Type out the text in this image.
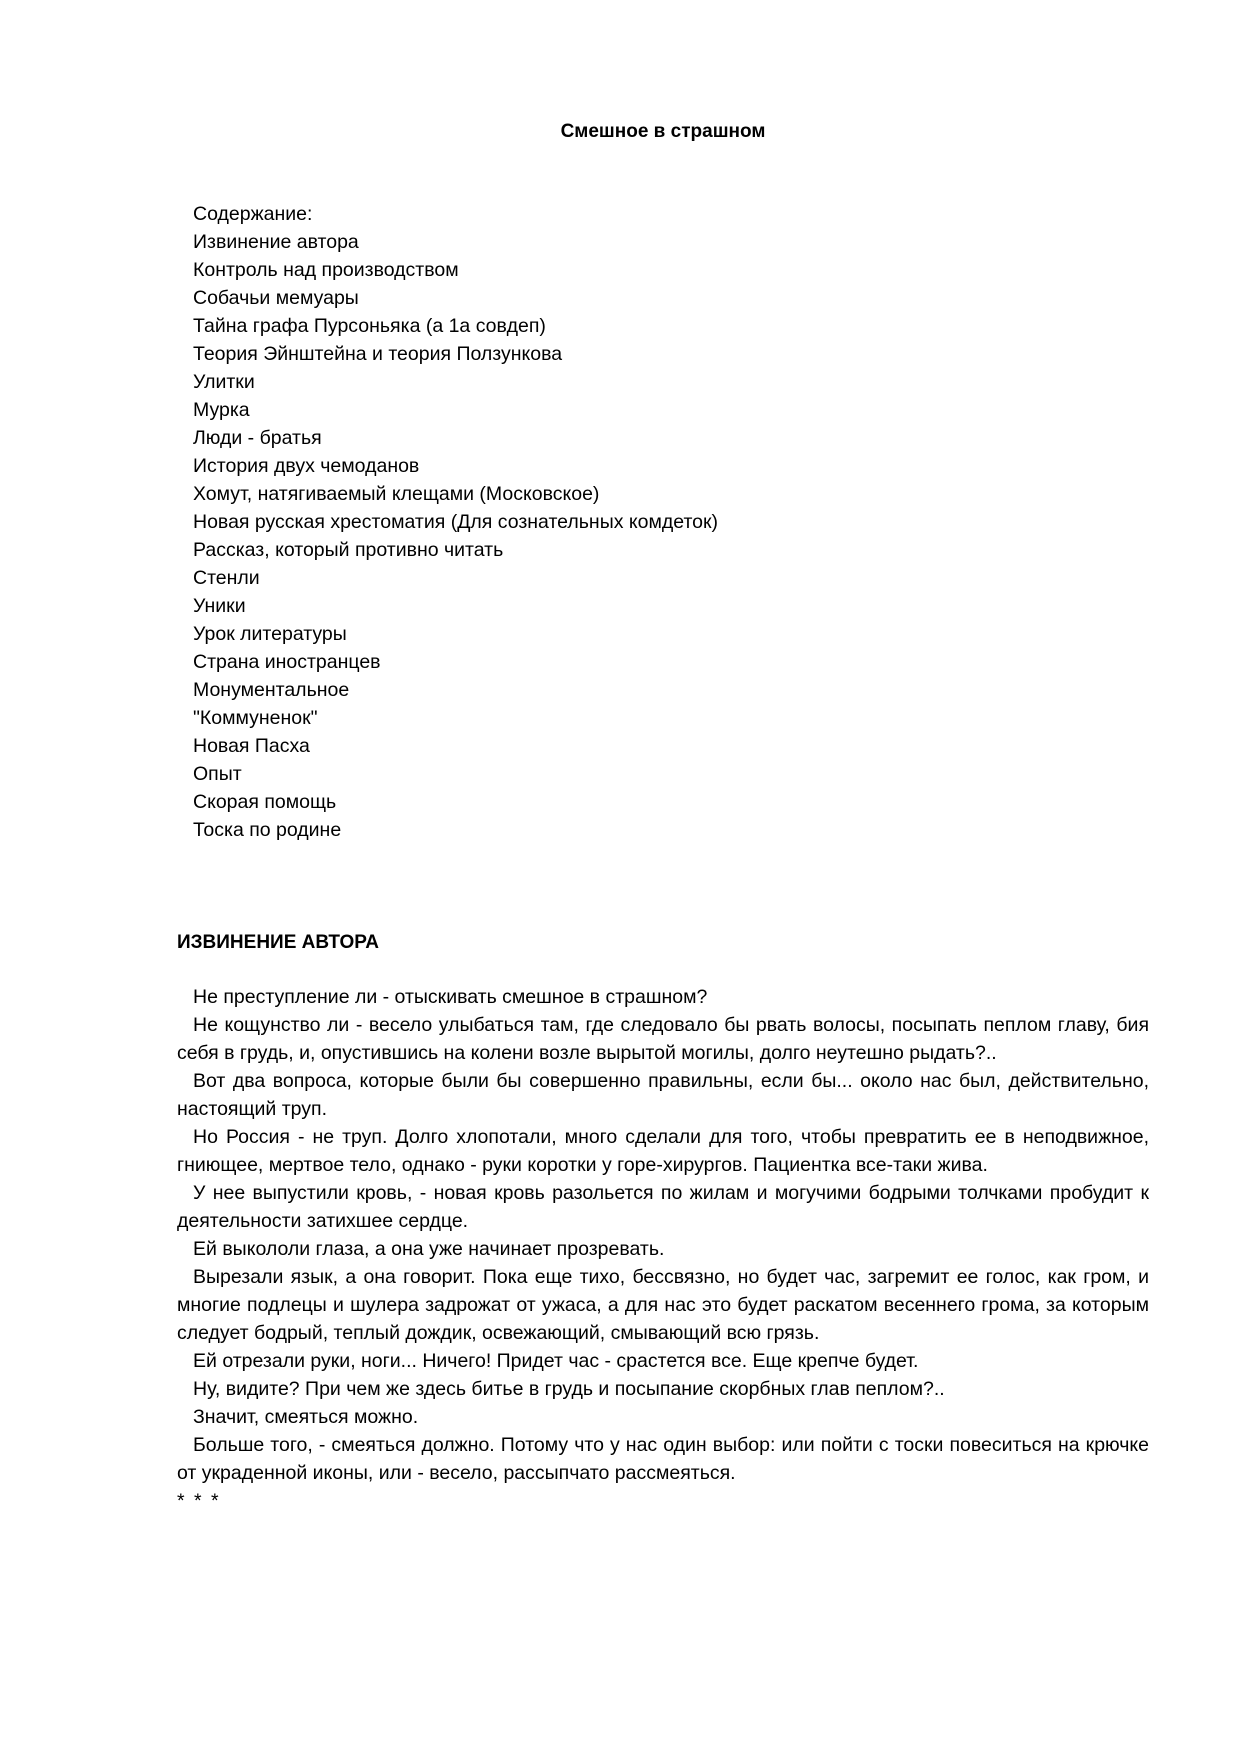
Смешное в страшном
Содержание:
Извинение автора
Контроль над производством
Собачьи мемуары
Тайна графа Пурсоньяка (а 1а совдеп)
Теория Эйнштейна и теория Ползункова
Улитки
Мурка
Люди - братья
История двух чемоданов
Хомут, натягиваемый клещами (Московское)
Новая русская хрестоматия (Для сознательных комдеток)
Рассказ, который противно читать
Стенли
Уники
Урок литературы
Страна иностранцев
Монументальное
"Коммуненок"
Новая Пасха
Опыт
Скорая помощь
Тоска по родине
ИЗВИНЕНИЕ АВТОРА

Не преступление ли - отыскивать смешное в страшном?

Не кощунство ли - весело улыбаться там, где следовало бы рвать волосы, посыпать пеплом главу, бия себя в грудь, и, опустившись на колени возле вырытой могилы, долго неутешно рыдать?..

Вот два вопроса, которые были бы совершенно правильны, если бы... около нас был, действительно, настоящий труп.

Но Россия - не труп. Долго хлопотали, много сделали для того, чтобы превратить ее в неподвижное, гниющее, мертвое тело, однако - руки коротки у горе-хирургов. Пациентка все-таки жива.

У нее выпустили кровь, - новая кровь разольется по жилам и могучими бодрыми толчками пробудит к деятельности затихшее сердце.

Ей выкололи глаза, а она уже начинает прозревать.

Вырезали язык, а она говорит. Пока еще тихо, бессвязно, но будет час, загремит ее голос, как гром, и многие подлецы и шулера задрожат от ужаса, а для нас это будет раскатом весеннего грома, за которым следует бодрый, теплый дождик, освежающий, смывающий всю грязь.

Ей отрезали руки, ноги... Ничего! Придет час - срастется все. Еще крепче будет.

Ну, видите? При чем же здесь битье в грудь и посыпание скорбных глав пеплом?..

Значит, смеяться можно.

Больше того, - смеяться должно. Потому что у нас один выбор: или пойти с тоски повеситься на крючке от украденной иконы, или - весело, рассыпчато рассмеяться.

* * *
